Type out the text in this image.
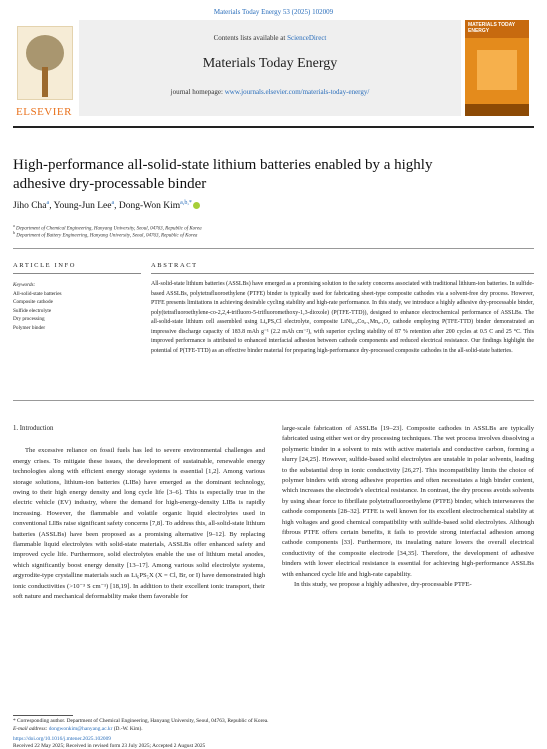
Materials Today Energy 53 (2025) 102009
ELSEVIER
Contents lists available at ScienceDirect
Materials Today Energy
journal homepage: www.journals.elsevier.com/materials-today-energy/
MATERIALS TODAY ENERGY
High-performance all-solid-state lithium batteries enabled by a highly adhesive dry-processable binder
Jiho Cha$^a$, Young-Jun Lee$^a$, Dong-Won Kim$^{a,b,*}$
$^a$ Department of Chemical Engineering, Hanyang University, Seoul, 04763, Republic of Korea
$^b$ Department of Battery Engineering, Hanyang University, Seoul, 04763, Republic of Korea
ARTICLE INFO
Keywords:
All-solid-state batteries
Composite cathode
Sulfide electrolyte
Dry processing
Polymer binder
ABSTRACT
All-solid-state lithium batteries (ASSLBs) have emerged as a promising solution to the safety concerns associated with traditional lithium-ion batteries. In sulfide-based ASSLBs, polytetrafluoroethylene (PTFE) binder is typically used for fabricating sheet-type composite cathodes via a solvent-free dry process. However, PTFE presents limitations in achieving desirable cycling stability and high-rate performance. In this study, we introduce a highly adhesive dry-processable binder, poly(tetrafluoroethylene-co-2,2,4-trifluoro-5-trifluoromethoxy-1,3-dioxole) (P(TFE-TTD)), designed to enhance electrochemical performance of ASSLBs. The all-solid-state lithium cell assembled using Li₆PS₅Cl electrolyte, composite LiNi₀.₈Co₀.₁Mn₀.₁O₂ cathode employing P(TFE-TTD) binder demonstrated an impressive discharge capacity of 183.8 mAh g⁻¹ (2.2 mAh cm⁻²), with superior cycling stability of 87 % retention after 200 cycles at 0.5 C and 25 °C. This improved performance is attributed to enhanced interfacial adhesion between cathode components and reduced electrical resistance. Our findings highlight the potential of P(TFE-TTD) as an effective binder material for preparing high-performance dry-processed composite cathodes in the all-solid-state batteries.
1. Introduction

The excessive reliance on fossil fuels has led to severe environmental challenges and energy crises. To mitigate these issues, the development of sustainable, renewable energy technologies along with efficient energy storage systems is essential [1,2]. Among various storage solutions, lithium-ion batteries (LIBs) have emerged as the dominant technology, owing to their high energy density and long cycle life [3–6]. This is especially true in the electric vehicle (EV) industry, where the demand for high-energy-density LIBs is rapidly increasing. However, the flammable and volatile organic liquid electrolytes used in conventional LIBs raise significant safety concerns [7,8]. To address this, all-solid-state lithium batteries (ASSLBs) have been proposed as a promising alternative [9–12]. By replacing flammable liquid electrolytes with solid-state materials, ASSLBs offer enhanced safety and improved cycle life. Furthermore, solid electrolytes enable the use of lithium metal anodes, which significantly boost energy density [13–17]. Among various solid electrolyte systems, argyrodite-type crystalline materials such as Li₆PS₅X (X = Cl, Br, or I) have demonstrated high ionic conductivities (>10⁻³ S cm⁻¹) [18,19]. In addition to their excellent ionic transport, their soft nature and mechanical deformability make them favorable for

large-scale fabrication of ASSLBs [19–23]. Composite cathodes in ASSLBs are typically fabricated using either wet or dry processing techniques. The wet process involves dissolving a polymeric binder in a solvent to mix with active materials and conductive carbon, forming a slurry [24,25]. However, sulfide-based solid electrolytes are unstable in polar solvents, leading to the substantial drop in ionic conductivity [26,27]. This incompatibility limits the choice of polymer binders with strong adhesive properties and often necessitates a high binder content, which increases the electrode's electrical resistance. In contrast, the dry process avoids solvents by using shear force to fibrillate polytetrafluoroethylene (PTFE) binder, which interweaves the cathode components [28–32]. PTFE is well known for its excellent electrochemical stability at high voltages and good chemical compatibility with sulfide-based solid electrolytes. Although fibrous PTFE offers certain benefits, it fails to provide strong interfacial adhesion among cathode components [33]. Furthermore, its insulating nature lowers the overall electrical conductivity of the composite electrode [34,35]. Therefore, the development of adhesive binders with lower electrical resistance is essential for achieving high-performance ASSLBs with enhanced cycle life and high-rate capability.

In this study, we propose a highly adhesive, dry-processable PTFE-

* Corresponding author. Department of Chemical Engineering, Hanyang University, Seoul, 04763, Republic of Korea.
E-mail address: dongwonkim@hanyang.ac.kr (D.-W. Kim).
https://doi.org/10.1016/j.mtener.2025.102009
Received 22 May 2025; Received in revised form 23 July 2025; Accepted 2 August 2025
